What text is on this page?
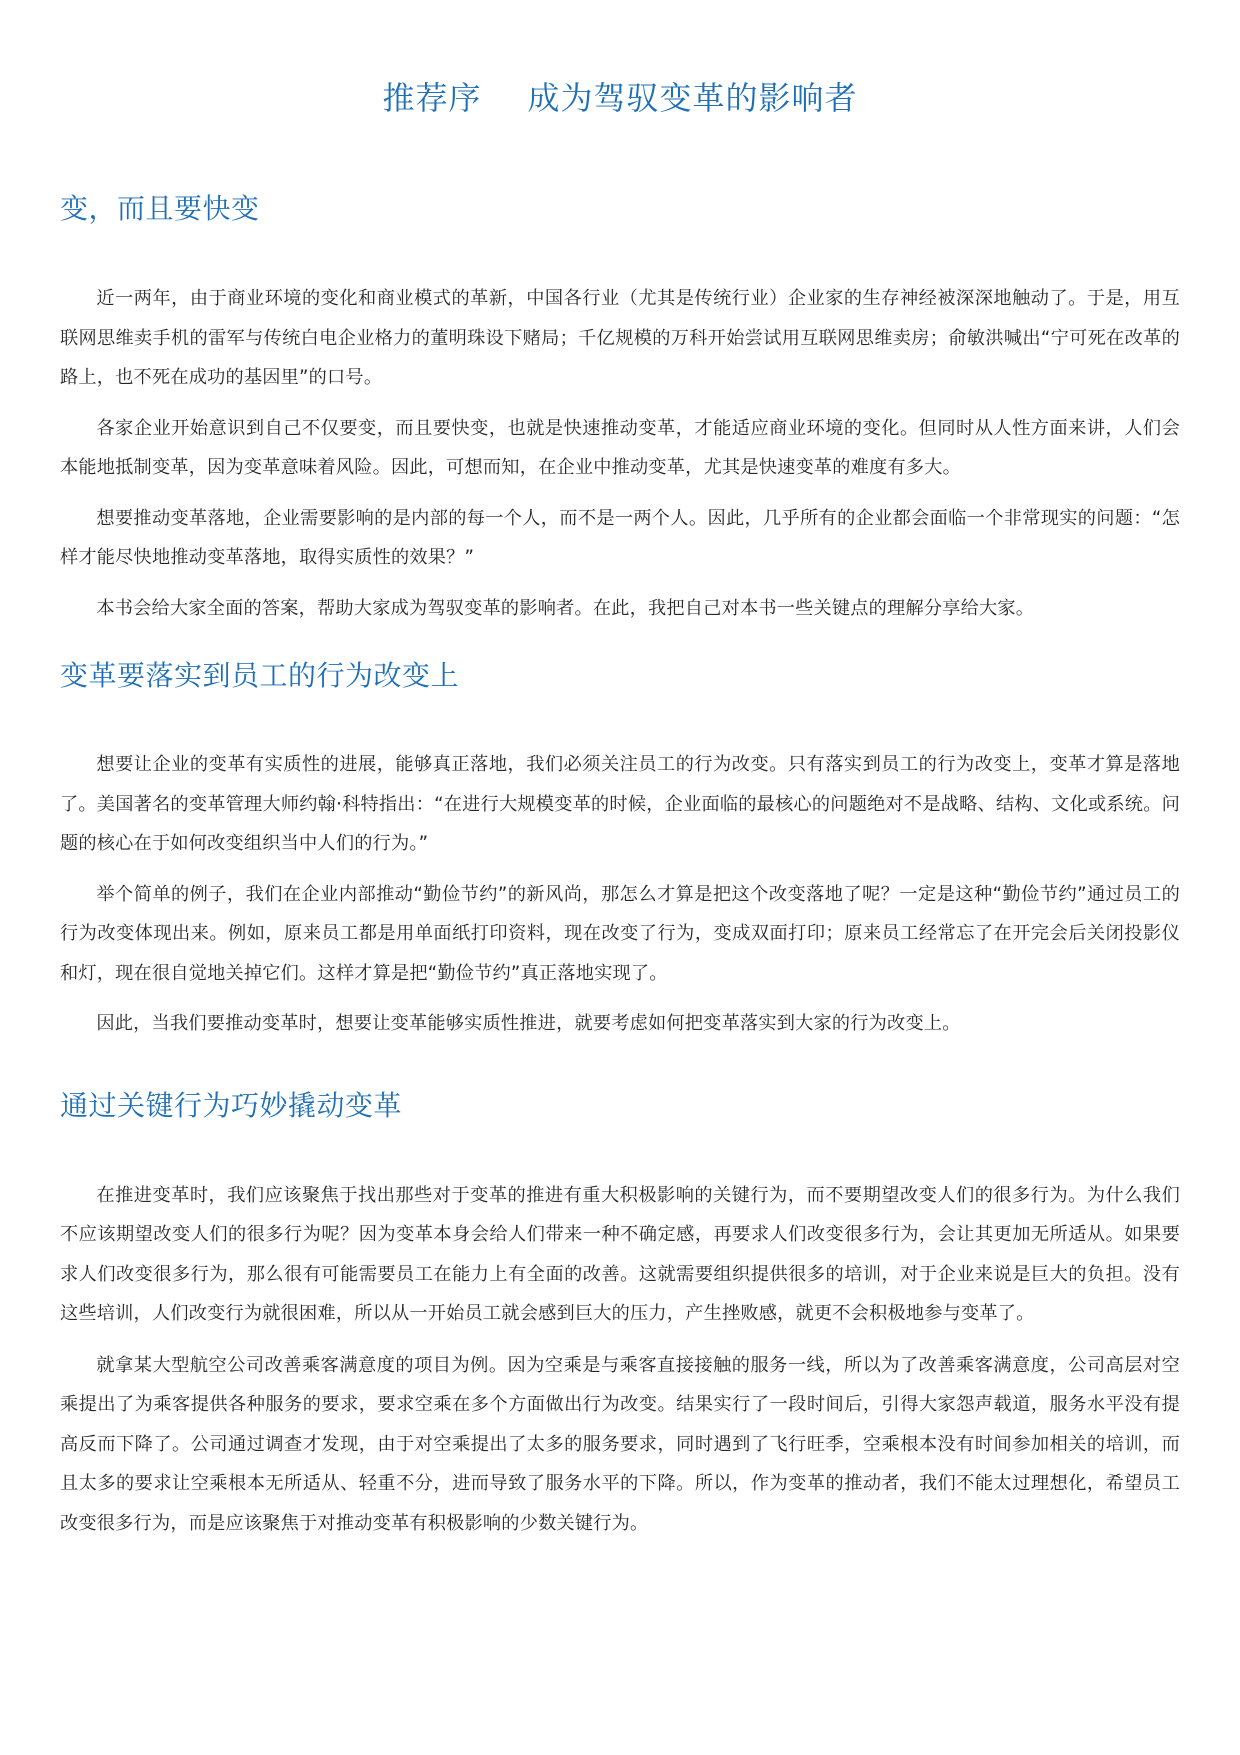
推荐序 成为驾驭变革的影响者
变，而且要快变

近一两年，由于商业环境的变化和商业模式的革新，中国各行业（尤其是传统行业）企业家的生存神经被深深地触动了。于是，用互联网思维卖手机的雷军与传统白电企业格力的董明珠设下赌局；千亿规模的万科开始尝试用互联网思维卖房；俞敏洪喊出“宁可死在改革的路上，也不死在成功的基因里”的口号。

各家企业开始意识到自己不仅要变，而且要快变，也就是快速推动变革，才能适应商业环境的变化。但同时从人性方面来讲，人们会本能地抵制变革，因为变革意味着风险。因此，可想而知，在企业中推动变革，尤其是快速变革的难度有多大。

想要推动变革落地，企业需要影响的是内部的每一个人，而不是一两个人。因此，几乎所有的企业都会面临一个非常现实的问题：“怎样才能尽快地推动变革落地，取得实质性的效果？”

本书会给大家全面的答案，帮助大家成为驾驭变革的影响者。在此，我把自己对本书一些关键点的理解分享给大家。

变革要落实到员工的行为改变上

想要让企业的变革有实质性的进展，能够真正落地，我们必须关注员工的行为改变。只有落实到员工的行为改变上，变革才算是落地了。美国著名的变革管理大师约翰·科特指出：“在进行大规模变革的时候，企业面临的最核心的问题绝对不是战略、结构、文化或系统。问题的核心在于如何改变组织当中人们的行为。”

举个简单的例子，我们在企业内部推动“勤俭节约”的新风尚，那怎么才算是把这个改变落地了呢？一定是这种“勤俭节约”通过员工的行为改变体现出来。例如，原来员工都是用单面纸打印资料，现在改变了行为，变成双面打印；原来员工经常忘了在开完会后关闭投影仪和灯，现在很自觉地关掉它们。这样才算是把“勤俭节约”真正落地实现了。

因此，当我们要推动变革时，想要让变革能够实质性推进，就要考虑如何把变革落实到大家的行为改变上。

通过关键行为巧妙撬动变革

在推进变革时，我们应该聚焦于找出那些对于变革的推进有重大积极影响的关键行为，而不要期望改变人们的很多行为。为什么我们不应该期望改变人们的很多行为呢？因为变革本身会给人们带来一种不确定感，再要求人们改变很多行为，会让其更加无所适从。如果要求人们改变很多行为，那么很有可能需要员工在能力上有全面的改善。这就需要组织提供很多的培训，对于企业来说是巨大的负担。没有这些培训，人们改变行为就很困难，所以从一开始员工就会感到巨大的压力，产生挫败感，就更不会积极地参与变革了。

就拿某大型航空公司改善乘客满意度的项目为例。因为空乘是与乘客直接接触的服务一线，所以为了改善乘客满意度，公司高层对空乘提出了为乘客提供各种服务的要求，要求空乘在多个方面做出行为改变。结果实行了一段时间后，引得大家怨声载道，服务水平没有提高反而下降了。公司通过调查才发现，由于对空乘提出了太多的服务要求，同时遇到了飞行旺季，空乘根本没有时间参加相关的培训，而且太多的要求让空乘根本无所适从、轻重不分，进而导致了服务水平的下降。所以，作为变革的推动者，我们不能太过理想化，希望员工改变很多行为，而是应该聚焦于对推动变革有积极影响的少数关键行为。
